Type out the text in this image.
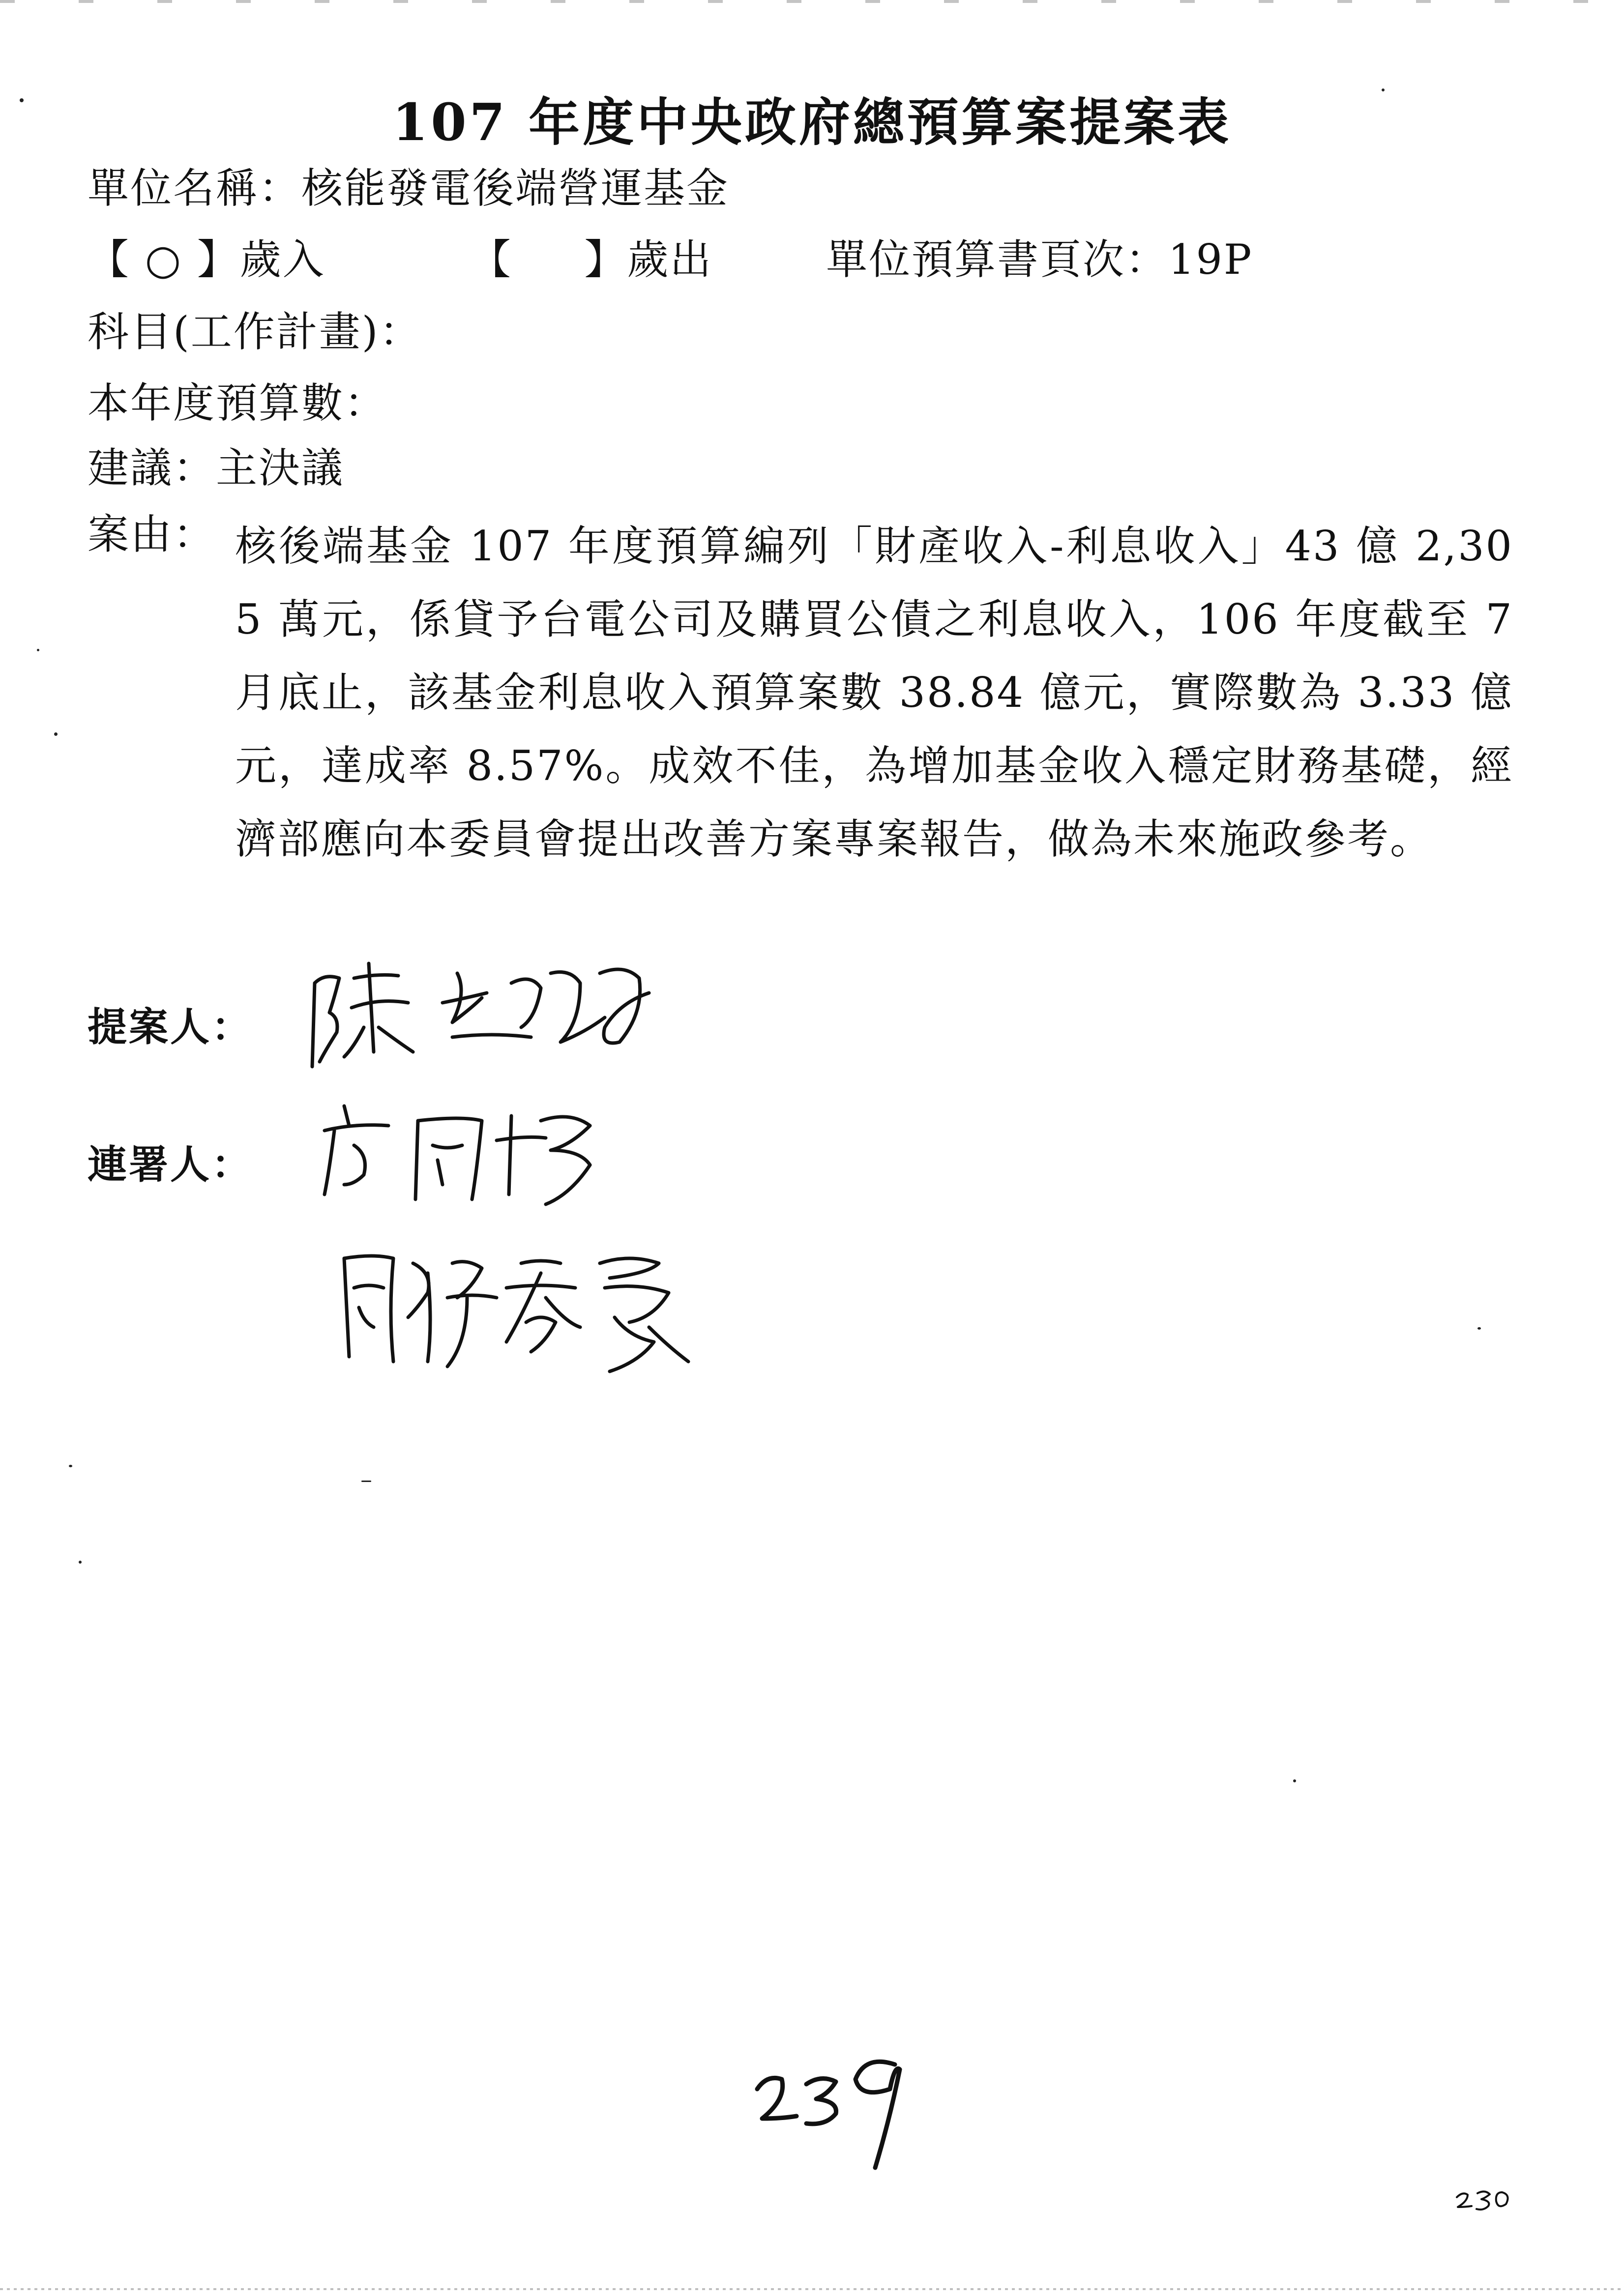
107 年度中央政府總預算案提案表
單位名稱：核能發電後端營運基金
【 ○ 】歲入	【 　 】歲出	單位預算書頁次：19P
科目(工作計畫)：
本年度預算數：
建議：主決議
案由： 核後端基金 107 年度預算編列「財產收入-利息收入」43 億 2,305 萬元，係貸予台電公司及購買公債之利息收入，106 年度截至 7 月底止，該基金利息收入預算案數 38.84 億元，實際數為 3.33 億元，達成率 8.57%。成效不佳，為增加基金收入穩定財務基礎，經濟部應向本委員會提出改善方案專案報告，做為未來施政參考。
提案人：
連署人：
